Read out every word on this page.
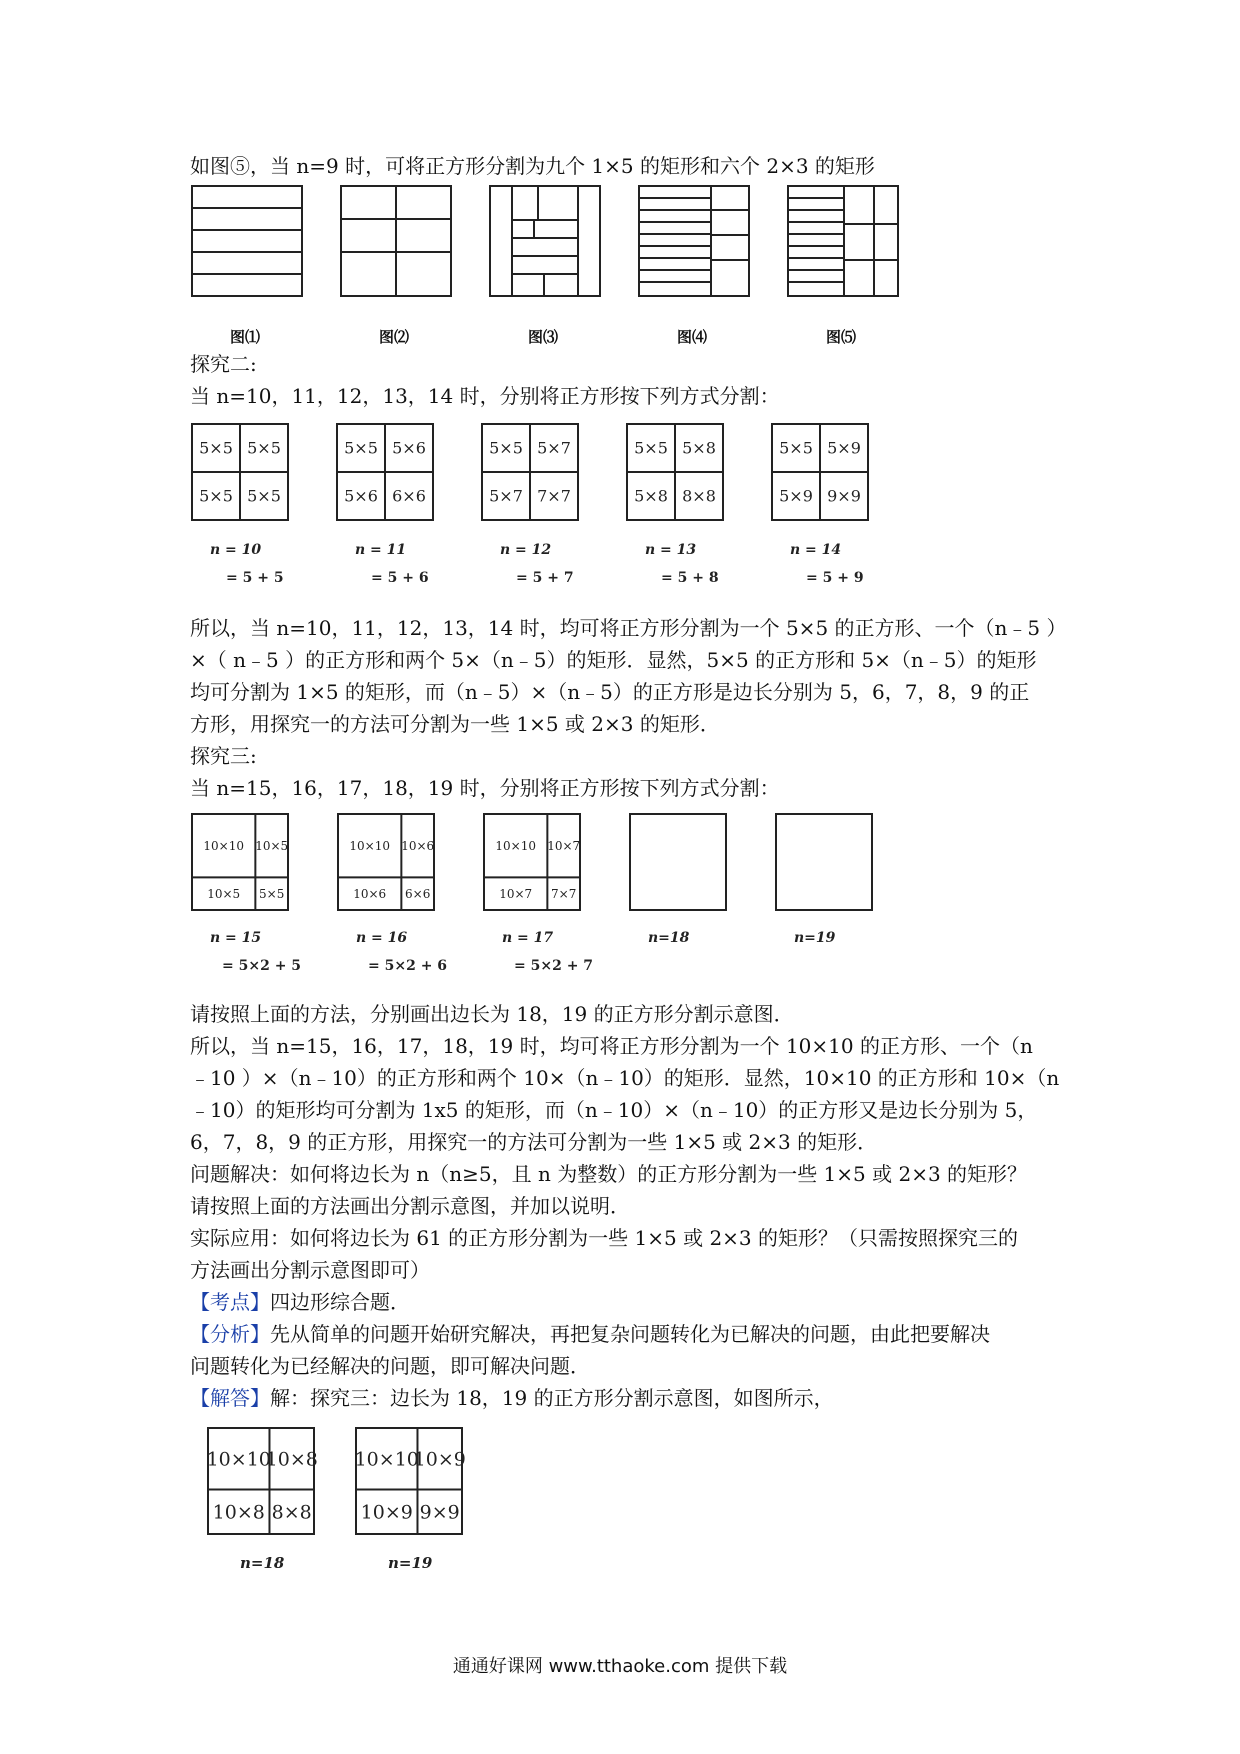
如图⑤，当 n=9 时，可将正方形分割为九个 1×5 的矩形和六个 2×3 的矩形
图⑴	图⑵	图⑶	图⑷	图⑸
探究二:
当 n=10，11，12，13，14 时，分别将正方形按下列方式分割：
5×5 5×5
5×5 5×5
n = 10
= 5 + 5
5×5 5×6
5×6 6×6
n = 11
= 5 + 6
5×5 5×7
5×7 7×7
n = 12
= 5 + 7
5×5 5×8
5×8 8×8
n = 13
= 5 + 8
5×5 5×9
5×9 9×9
n = 14
= 5 + 9
所以，当 n=10，11，12，13，14 时，均可将正方形分割为一个 5×5 的正方形、一个（n﹣5 ）
×（ n﹣5 ）的正方形和两个 5×（n﹣5）的矩形．显然，5×5 的正方形和 5×（n﹣5）的矩形
均可分割为 1×5 的矩形，而（n﹣5）×（n﹣5）的正方形是边长分别为 5，6，7，8，9 的正
方形，用探究一的方法可分割为一些 1×5 或 2×3 的矩形．
探究三:
当 n=15，16，17，18，19 时，分别将正方形按下列方式分割：
10×10 10×5
10×5 5×5
n = 15
= 5×2 + 5
10×10 10×6
10×6 6×6
n = 16
= 5×2 + 6
10×10 10×7
10×7 7×7
n = 17
= 5×2 + 7
n=18	n=19
请按照上面的方法，分别画出边长为 18，19 的正方形分割示意图．
所以，当 n=15，16，17，18，19 时，均可将正方形分割为一个 10×10 的正方形、一个（n
﹣10 ）×（n﹣10）的正方形和两个 10×（n﹣10）的矩形．显然，10×10 的正方形和 10×（n
﹣10）的矩形均可分割为 1x5 的矩形，而（n﹣10）×（n﹣10）的正方形又是边长分别为 5，
6，7，8，9 的正方形，用探究一的方法可分割为一些 1×5 或 2×3 的矩形．
问题解决：如何将边长为 n（n≥5，且 n 为整数）的正方形分割为一些 1×5 或 2×3 的矩形？
请按照上面的方法画出分割示意图，并加以说明．
实际应用：如何将边长为 61 的正方形分割为一些 1×5 或 2×3 的矩形？（只需按照探究三的
方法画出分割示意图即可）
【考点】四边形综合题．
【分析】先从简单的问题开始研究解决，再把复杂问题转化为已解决的问题，由此把要解决
问题转化为已经解决的问题，即可解决问题．
【解答】解：探究三：边长为 18，19 的正方形分割示意图，如图所示，
10×10
10×8
10×8 8×8
n=18
10×10
10×9
10×9 9×9
n=19
通通好课网 www.tthaoke.com 提供下载
